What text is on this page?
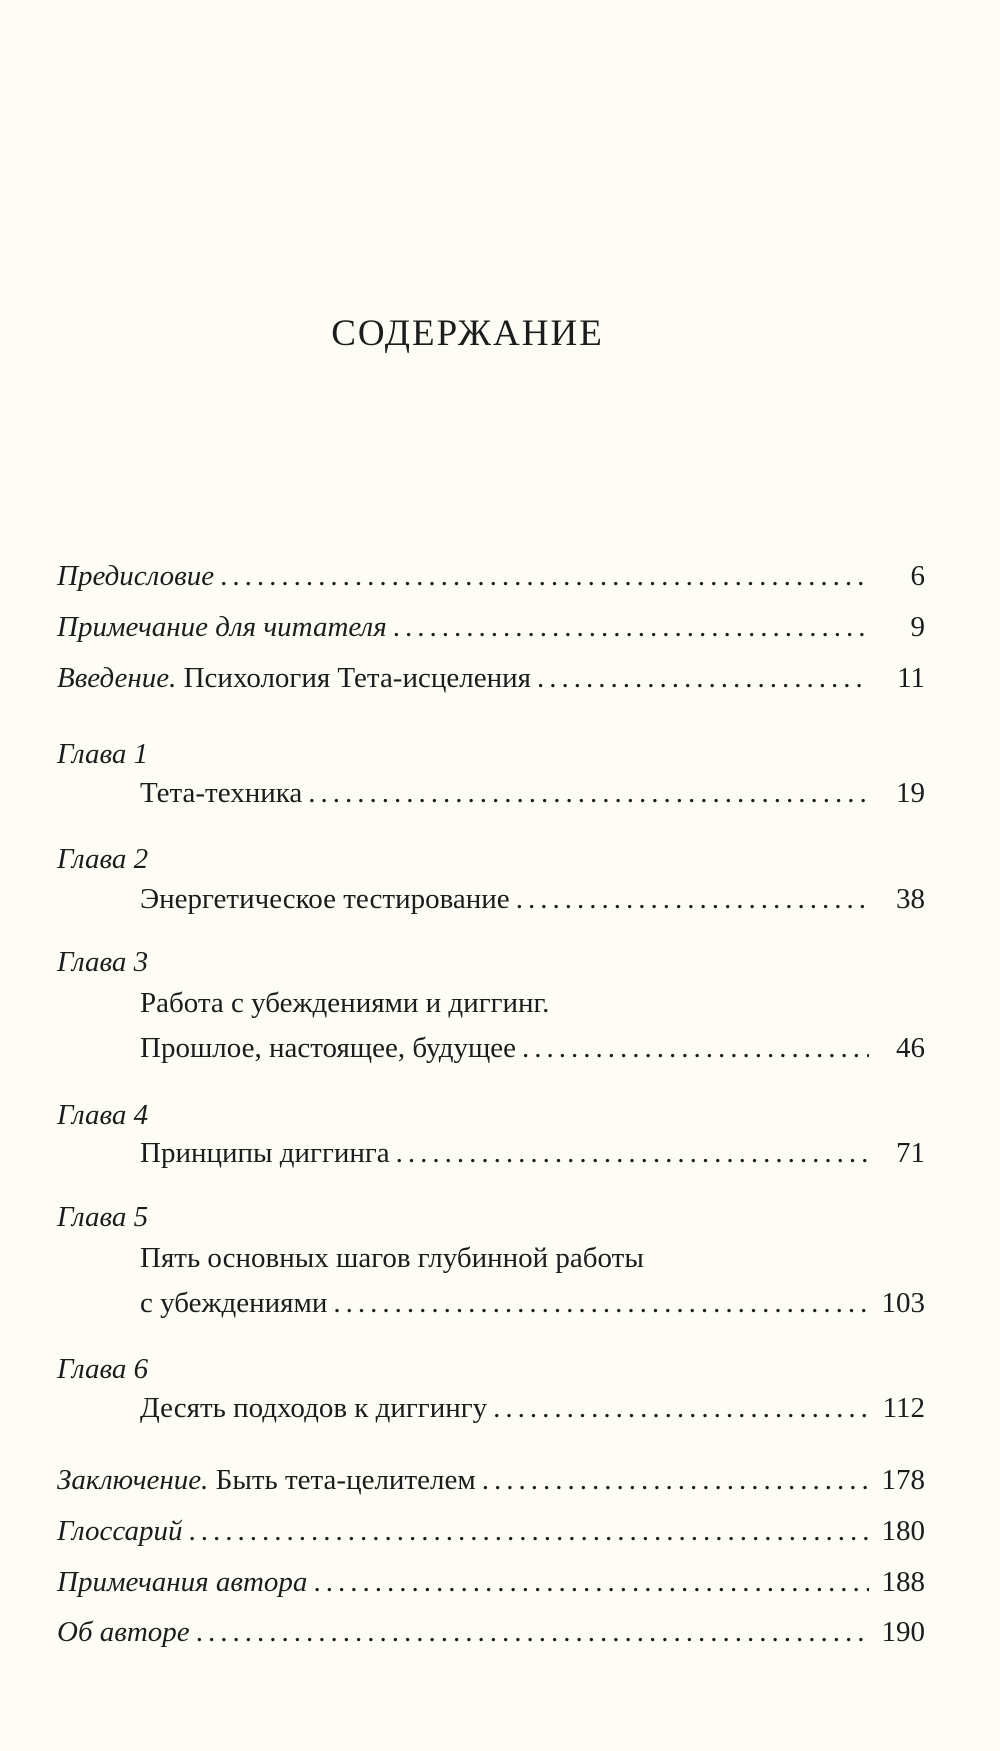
СОДЕРЖАНИЕ
Предисловие .....	6
Примечание для читателя .....	9
Введение. Психология Тета-исцеления .....	11
Глава 1
Тета-техника .....	19
Глава 2
Энергетическое тестирование .....	38
Глава 3
Работа с убеждениями и диггинг.
Прошлое, настоящее, будущее .....	46
Глава 4
Принципы диггинга .....	71
Глава 5
Пять основных шагов глубинной работы
с убеждениями .....	103
Глава 6
Десять подходов к диггингу .....	112
Заключение. Быть тета-целителем .....	178
Глоссарий .....	180
Примечания автора .....	188
Об авторе .....	190
